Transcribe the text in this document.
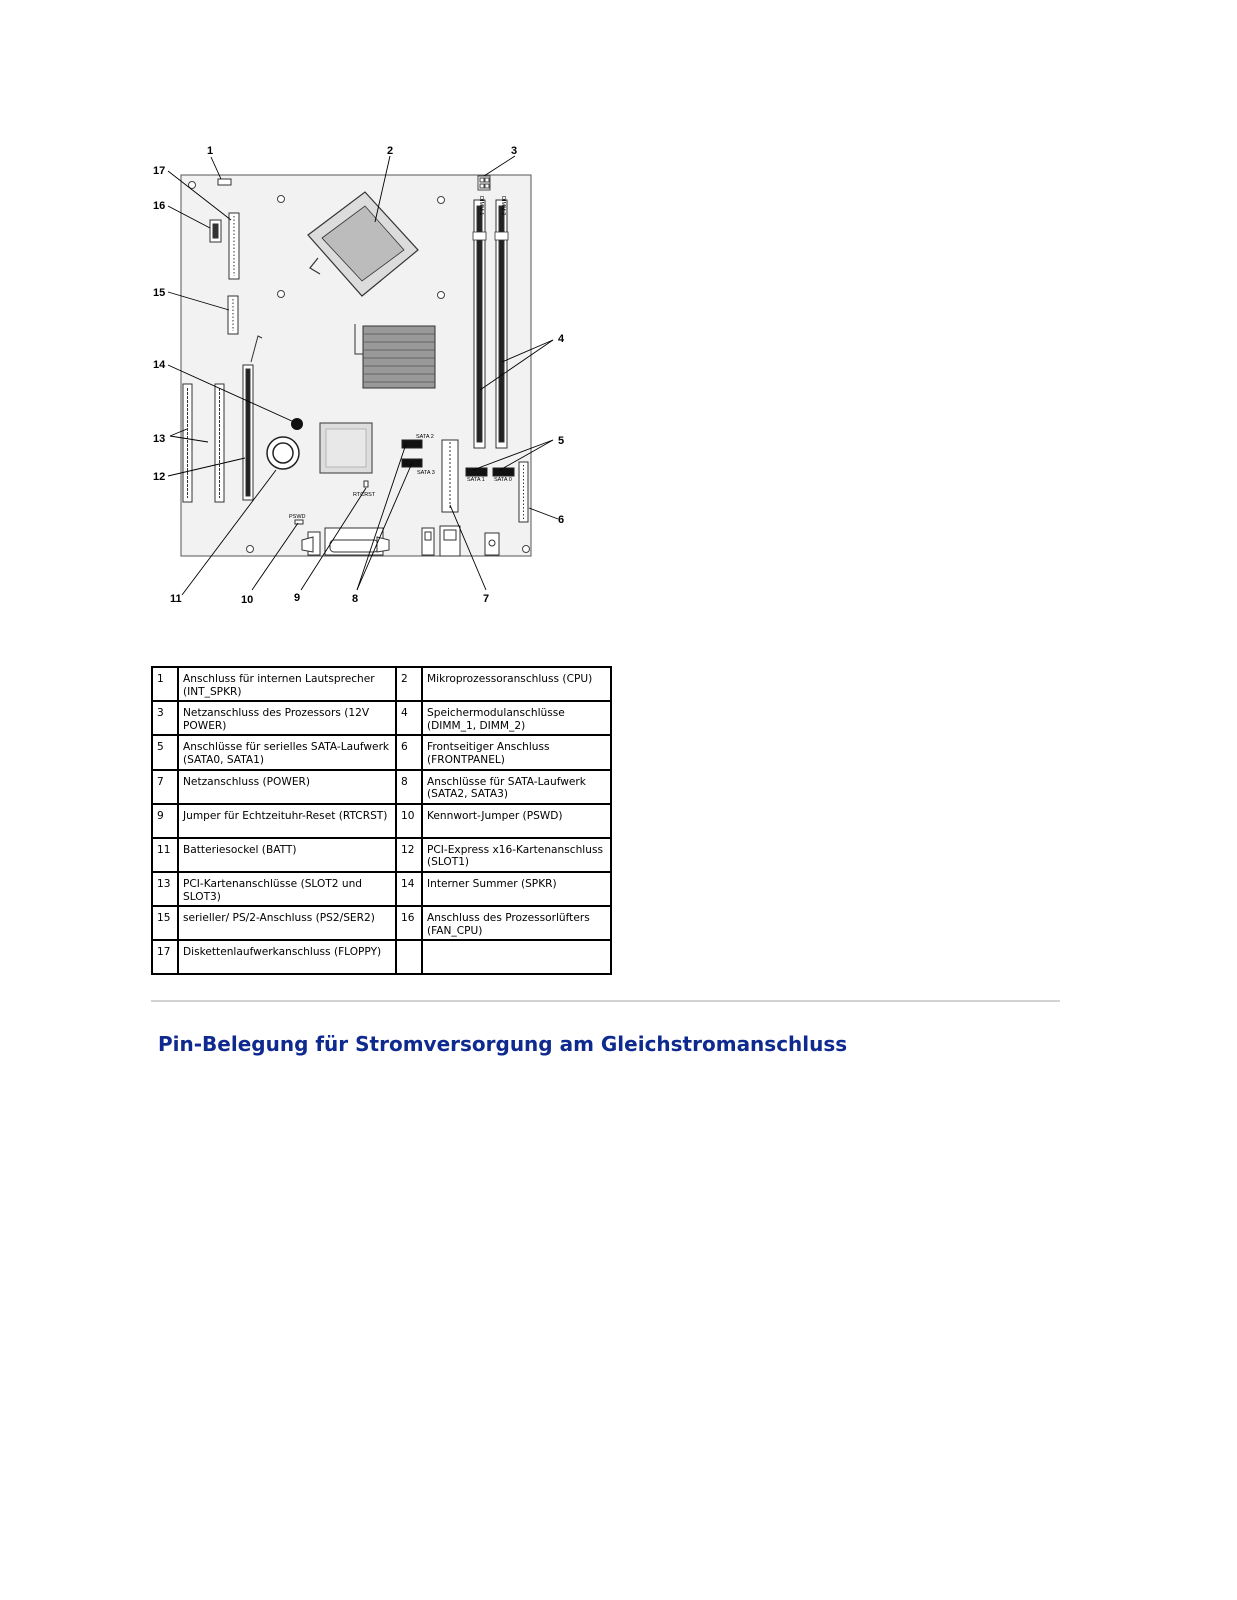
DIMM 1	DIMM 2
SATA 2
SATA 3
SATA 1 SATA 0
RTCRST
PSWD
1	2	3
4
5
6
7
8
9
10
11
12
13
14
15
16
17
1	Anschluss für internen Lautsprecher (INT_SPKR)	2	Mikroprozessoranschluss (CPU)
3	Netzanschluss des Prozessors (12V POWER)	4	Speichermodulanschlüsse (DIMM_1, DIMM_2)
5	Anschlüsse für serielles SATA-Laufwerk (SATA0, SATA1)	6	Frontseitiger Anschluss (FRONTPANEL)
7	Netzanschluss (POWER)	8	Anschlüsse für SATA-Laufwerk (SATA2, SATA3)
9	Jumper für Echtzeituhr-Reset (RTCRST)	10	Kennwort-Jumper (PSWD)
11	Batteriesockel (BATT)	12	PCI-Express x16-Kartenanschluss (SLOT1)
13	PCI-Kartenanschlüsse (SLOT2 und SLOT3)	14	Interner Summer (SPKR)
15	serieller/ PS/2-Anschluss (PS2/SER2)	16	Anschluss des Prozessorlüfters (FAN_CPU)
17	Diskettenlaufwerkanschluss (FLOPPY)		
Pin-Belegung für Stromversorgung am Gleichstromanschluss
